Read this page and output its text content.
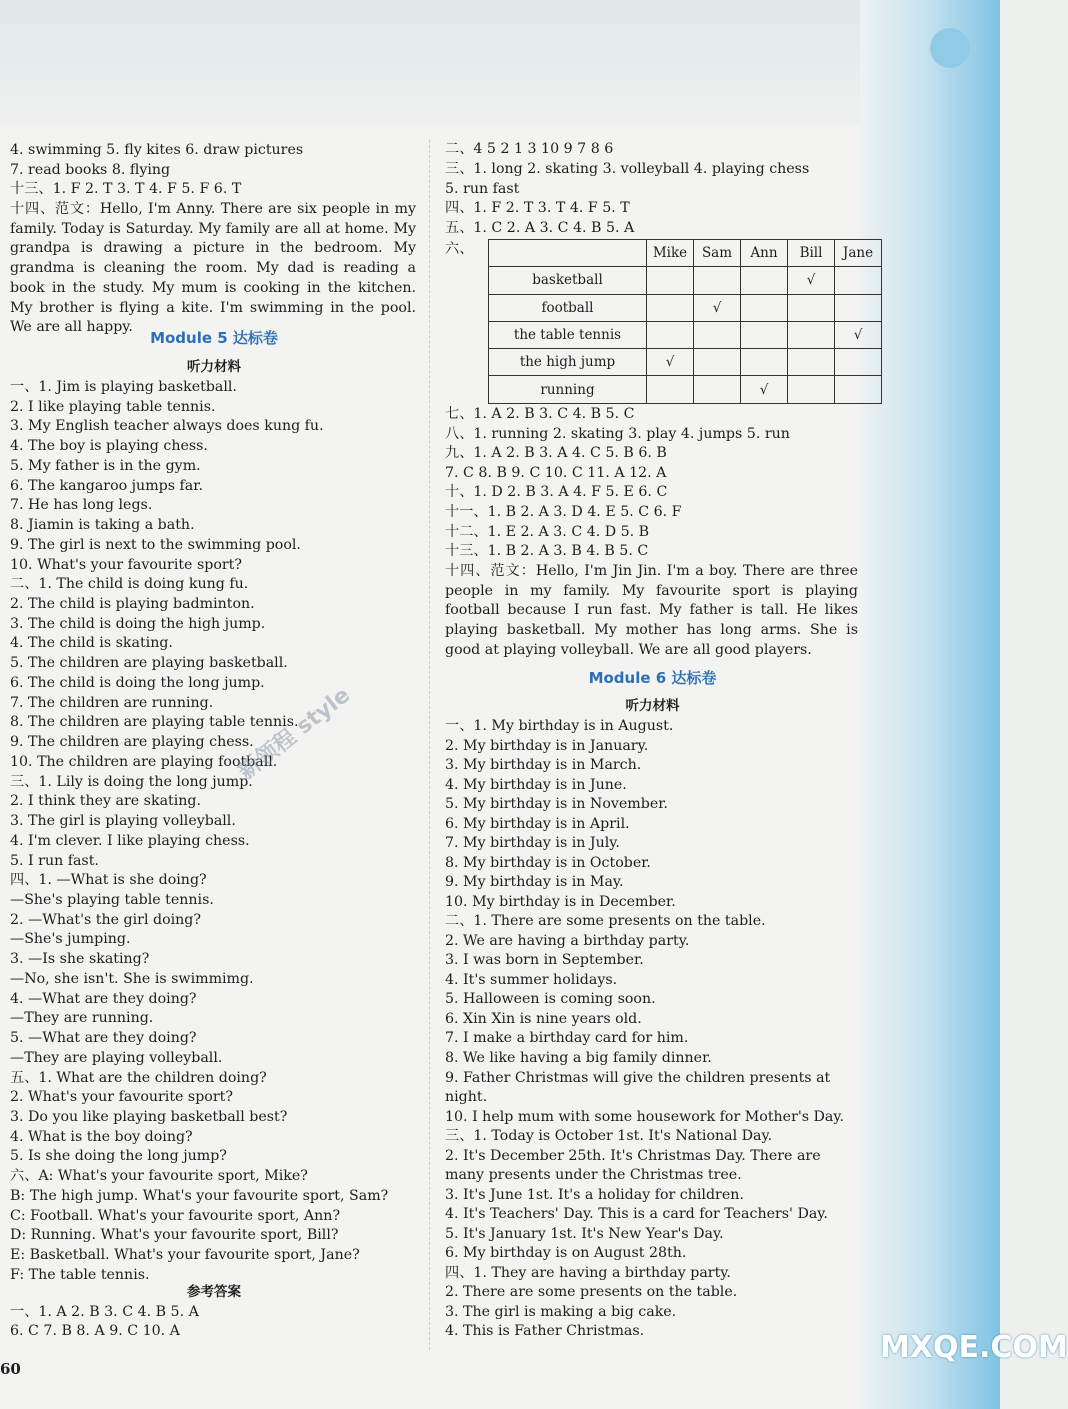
4. swimming 5. fly kites 6. draw pictures
7. read books 8. flying
十三、1. F 2. T 3. T 4. F 5. F 6. T
十四、范文：Hello, I'm Anny. There are six people in my family. Today is Saturday. My family are all at home. My grandpa is drawing a picture in the bedroom. My grandma is cleaning the room. My dad is reading a book in the study. My mum is cooking in the kitchen. My brother is flying a kite. I'm swimming in the pool. We are all happy.
Module 5 达标卷
听力材料
一、1. Jim is playing basketball.
2. I like playing table tennis.
3. My English teacher always does kung fu.
4. The boy is playing chess.
5. My father is in the gym.
6. The kangaroo jumps far.
7. He has long legs.
8. Jiamin is taking a bath.
9. The girl is next to the swimming pool.
10. What's your favourite sport?
二、1. The child is doing kung fu.
2. The child is playing badminton.
3. The child is doing the high jump.
4. The child is skating.
5. The children are playing basketball.
6. The child is doing the long jump.
7. The children are running.
8. The children are playing table tennis.
9. The children are playing chess.
10. The children are playing football.
三、1. Lily is doing the long jump.
2. I think they are skating.
3. The girl is playing volleyball.
4. I'm clever. I like playing chess.
5. I run fast.
四、1. —What is she doing?
—She's playing table tennis.
2. —What's the girl doing?
—She's jumping.
3. —Is she skating?
—No, she isn't. She is swimmimg.
4. —What are they doing?
—They are running.
5. —What are they doing?
—They are playing volleyball.
五、1. What are the children doing?
2. What's your favourite sport?
3. Do you like playing basketball best?
4. What is the boy doing?
5. Is she doing the long jump?
六、A: What's your favourite sport, Mike?
B: The high jump. What's your favourite sport, Sam?
C: Football. What's your favourite sport, Ann?
D: Running. What's your favourite sport, Bill?
E: Basketball. What's your favourite sport, Jane?
F: The table tennis.
参考答案
一、1. A 2. B 3. C 4. B 5. A
6. C 7. B 8. A 9. C 10. A
二、4 5 2 1 3 10 9 7 8 6
三、1. long 2. skating 3. volleyball 4. playing chess
5. run fast
四、1. F 2. T 3. T 4. F 5. T
五、1. C 2. A 3. C 4. B 5. A
六、
七、1. A 2. B 3. C 4. B 5. C
八、1. running 2. skating 3. play 4. jumps 5. run
九、1. A 2. B 3. A 4. C 5. B 6. B
7. C 8. B 9. C 10. C 11. A 12. A
十、1. D 2. B 3. A 4. F 5. E 6. C
十一、1. B 2. A 3. D 4. E 5. C 6. F
十二、1. E 2. A 3. C 4. D 5. B
十三、1. B 2. A 3. B 4. B 5. C
十四、范文：Hello, I'm Jin Jin. I'm a boy. There are three people in my family. My favourite sport is playing football because I run fast. My father is tall. He likes playing basketball. My mother has long arms. She is good at playing volleyball. We are all good players.
Module 6 达标卷
听力材料
一、1. My birthday is in August.
2. My birthday is in January.
3. My birthday is in March.
4. My birthday is in June.
5. My birthday is in November.
6. My birthday is in April.
7. My birthday is in July.
8. My birthday is in October.
9. My birthday is in May.
10. My birthday is in December.
二、1. There are some presents on the table.
2. We are having a birthday party.
3. I was born in September.
4. It's summer holidays.
5. Halloween is coming soon.
6. Xin Xin is nine years old.
7. I make a birthday card for him.
8. We like having a big family dinner.
9. Father Christmas will give the children presents at
night.
10. I help mum with some housework for Mother's Day.
三、1. Today is October 1st. It's National Day.
2. It's December 25th. It's Christmas Day. There are
many presents under the Christmas tree.
3. It's June 1st. It's a holiday for children.
4. It's Teachers' Day. This is a card for Teachers' Day.
5. It's January 1st. It's New Year's Day.
6. My birthday is on August 28th.
四、1. They are having a birthday party.
2. There are some presents on the table.
3. The girl is making a big cake.
4. This is Father Christmas.
	Mike	Sam	Ann	Bill	Jane
basketball				√	
football		√			
the table tennis					√
the high jump	√				
running			√		
新领程 style
60
MXQE.COM
